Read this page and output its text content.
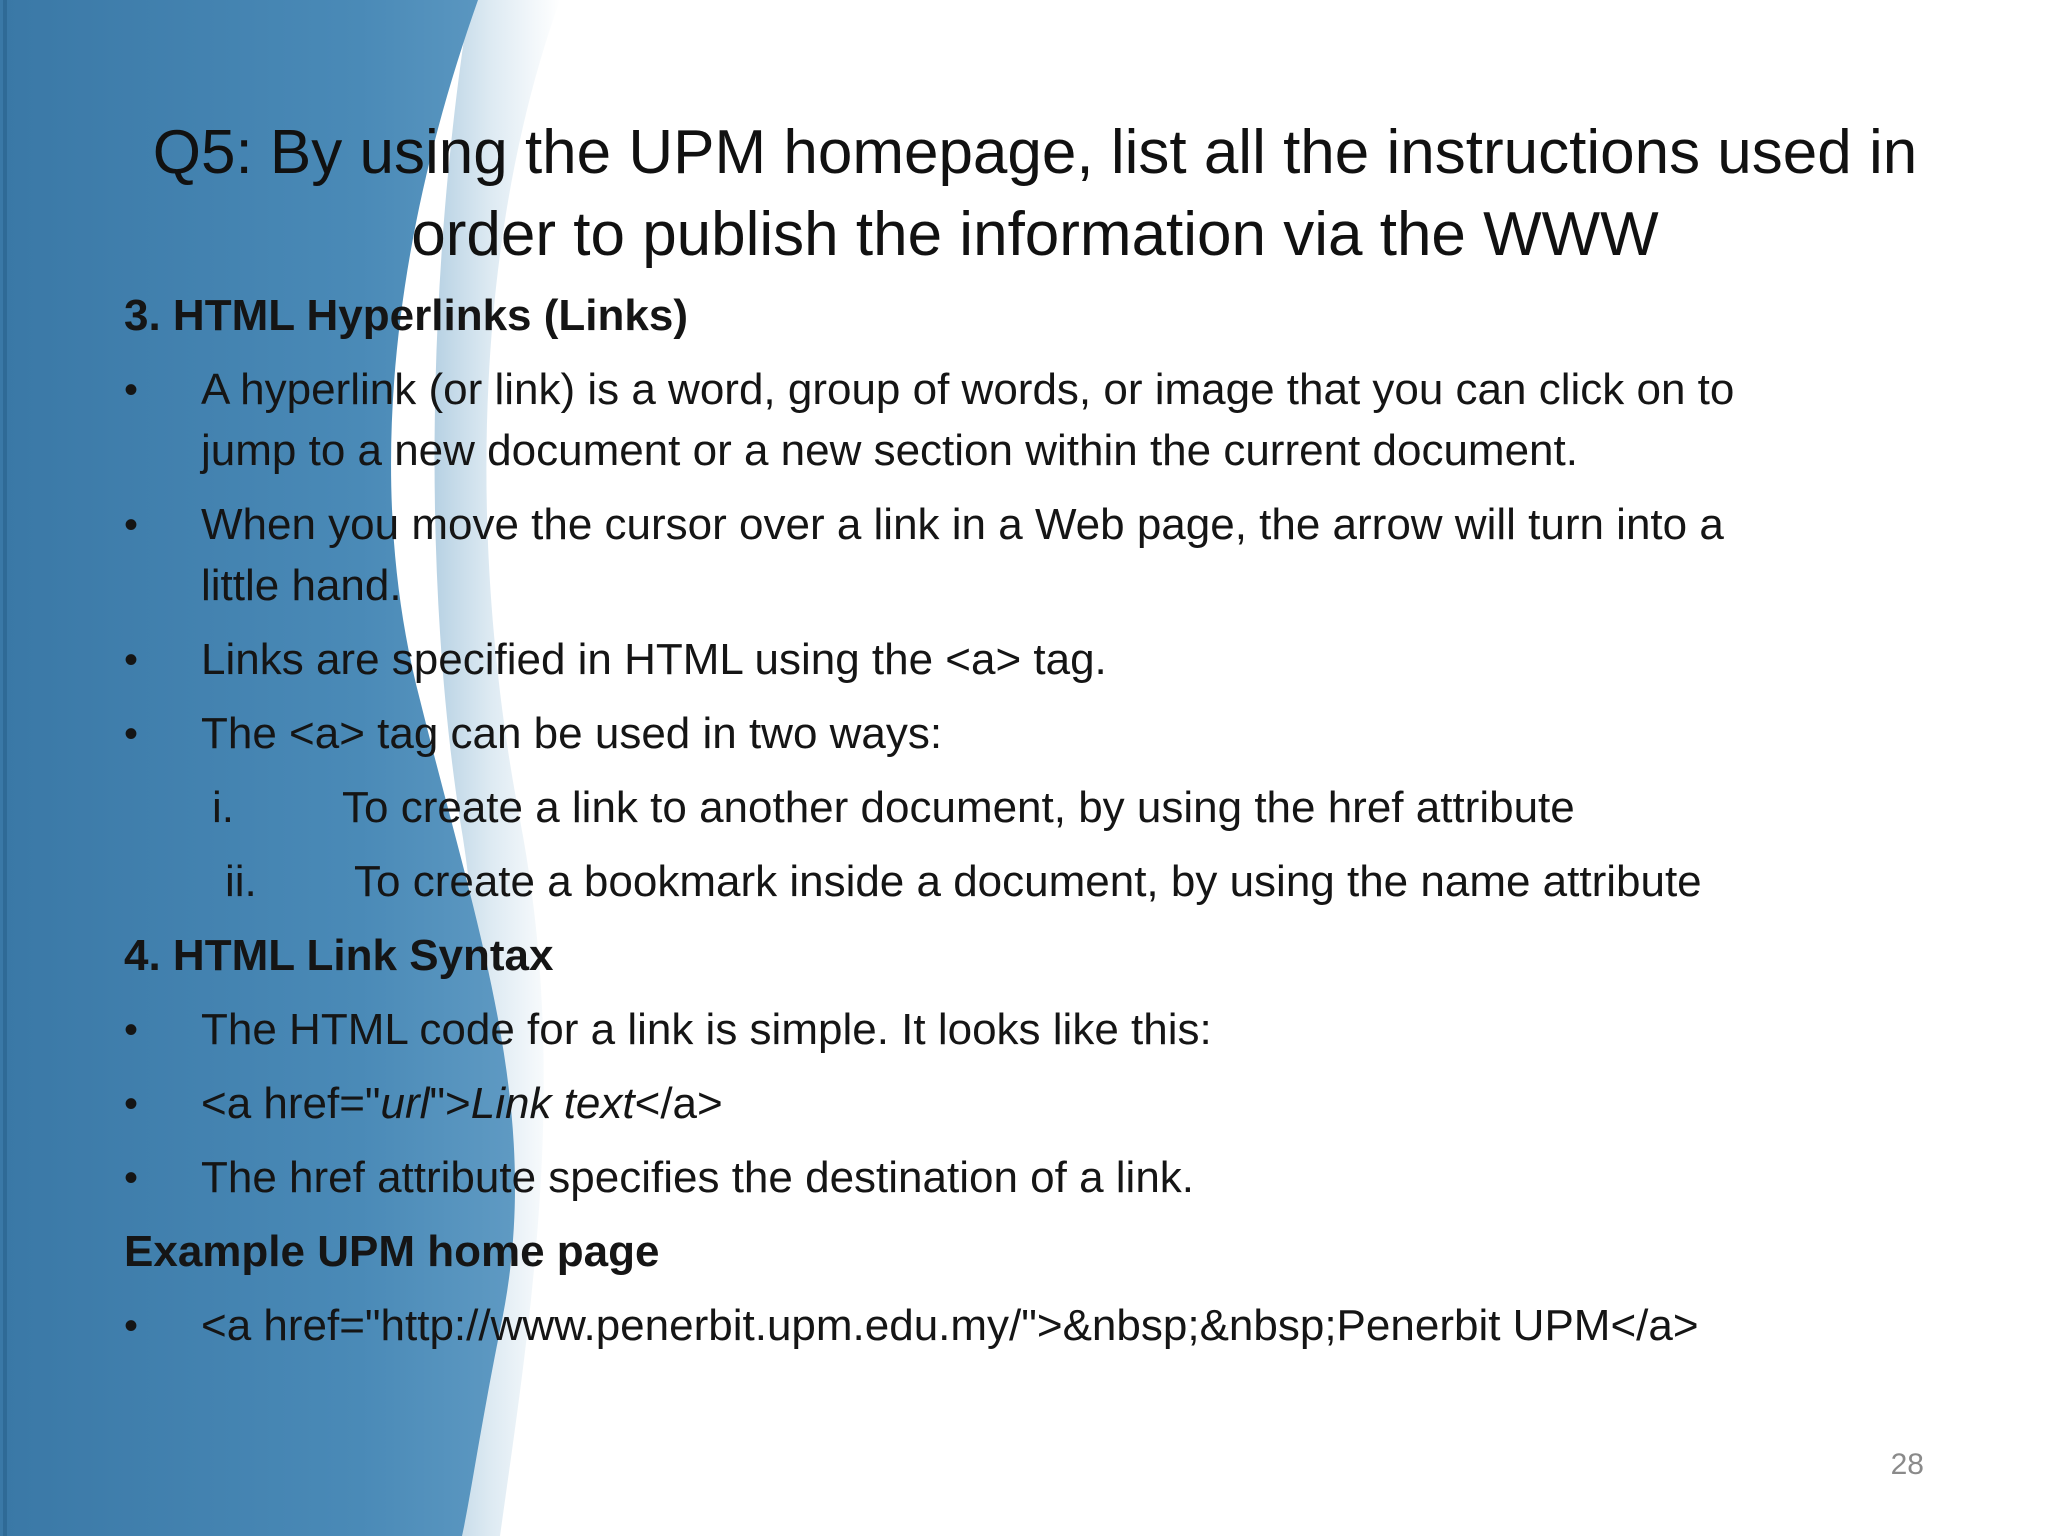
Q5: By using the UPM homepage, list all the instructions used in
order to publish the information via the WWW
3. HTML Hyperlinks (Links)
•	A hyperlink (or link) is a word, group of words, or image that you can click on to
jump to a new document or a new section within the current document.
•	When you move the cursor over a link in a Web page, the arrow will turn into a
little hand.
•	Links are specified in HTML using the <a> tag.
•	The <a> tag can be used in two ways:
i.	To create a link to another document, by using the href attribute
ii.	To create a bookmark inside a document, by using the name attribute
4. HTML Link Syntax
•	The HTML code for a link is simple. It looks like this:
•	<a href="url">Link text</a>
•	The href attribute specifies the destination of a link.
Example UPM home page
•	<a href="http://www.penerbit.upm.edu.my/">&nbsp;&nbsp;Penerbit UPM</a>
28
